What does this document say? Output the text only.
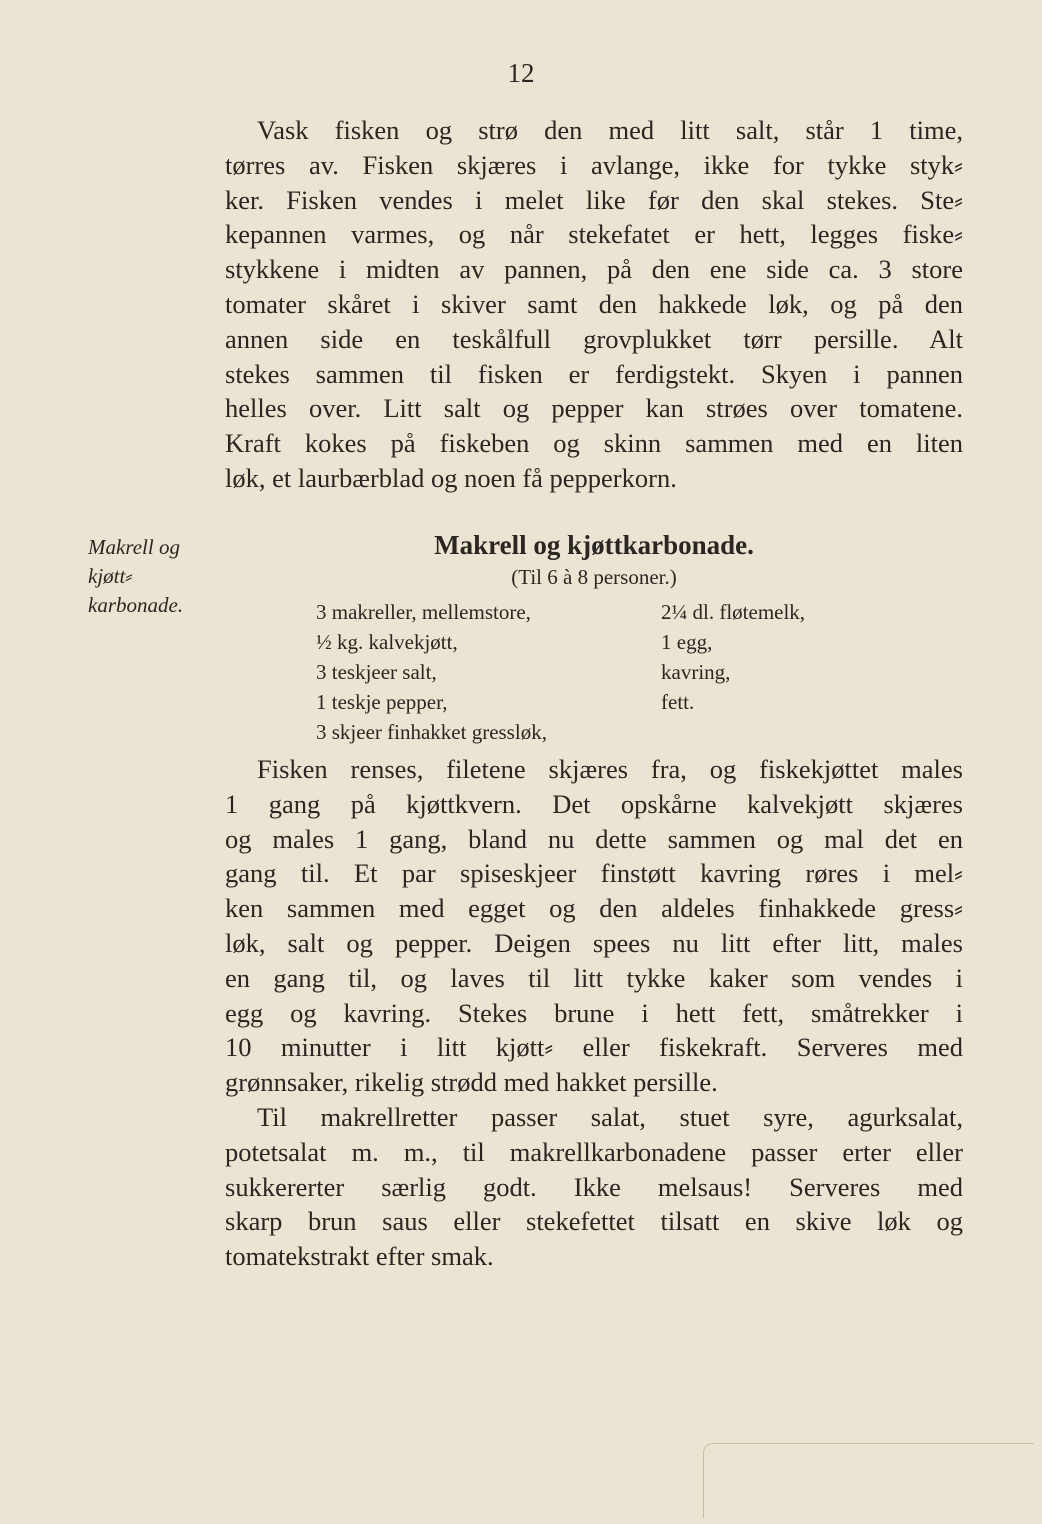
12
Vask fisken og strø den med litt salt, står 1 time,
tørres av. Fisken skjæres i avlange, ikke for tykke styk⸗
ker. Fisken vendes i melet like før den skal stekes. Ste⸗
kepannen varmes, og når stekefatet er hett, legges fiske⸗
stykkene i midten av pannen, på den ene side ca. 3 store
tomater skåret i skiver samt den hakkede løk, og på den
annen side en teskålfull grovplukket tørr persille. Alt
stekes sammen til fisken er ferdigstekt. Skyen i pannen
helles over. Litt salt og pepper kan strøes over tomatene.
Kraft kokes på fiskeben og skinn sammen med en liten
løk, et laurbærblad og noen få pepperkorn.
Makrell og
kjøtt⸗
karbonade.
Makrell og kjøttkarbonade.
(Til 6 à 8 personer.)
3 makreller, mellemstore,	2¼ dl. fløtemelk,
½ kg. kalvekjøtt,	1 egg,
3 teskjeer salt,	kavring,
1 teskje pepper,	fett.
3 skjeer finhakket gressløk,
Fisken renses, filetene skjæres fra, og fiskekjøttet males
1 gang på kjøttkvern. Det opskårne kalvekjøtt skjæres
og males 1 gang, bland nu dette sammen og mal det en
gang til. Et par spiseskjeer finstøtt kavring røres i mel⸗
ken sammen med egget og den aldeles finhakkede gress⸗
løk, salt og pepper. Deigen spees nu litt efter litt, males
en gang til, og laves til litt tykke kaker som vendes i
egg og kavring. Stekes brune i hett fett, småtrekker i
10 minutter i litt kjøtt⸗ eller fiskekraft. Serveres med
grønnsaker, rikelig strødd med hakket persille.
Til makrellretter passer salat, stuet syre, agurksalat,
potetsalat m. m., til makrellkarbonadene passer erter eller
sukkererter særlig godt. Ikke melsaus! Serveres med
skarp brun saus eller stekefettet tilsatt en skive løk og
tomatekstrakt efter smak.
